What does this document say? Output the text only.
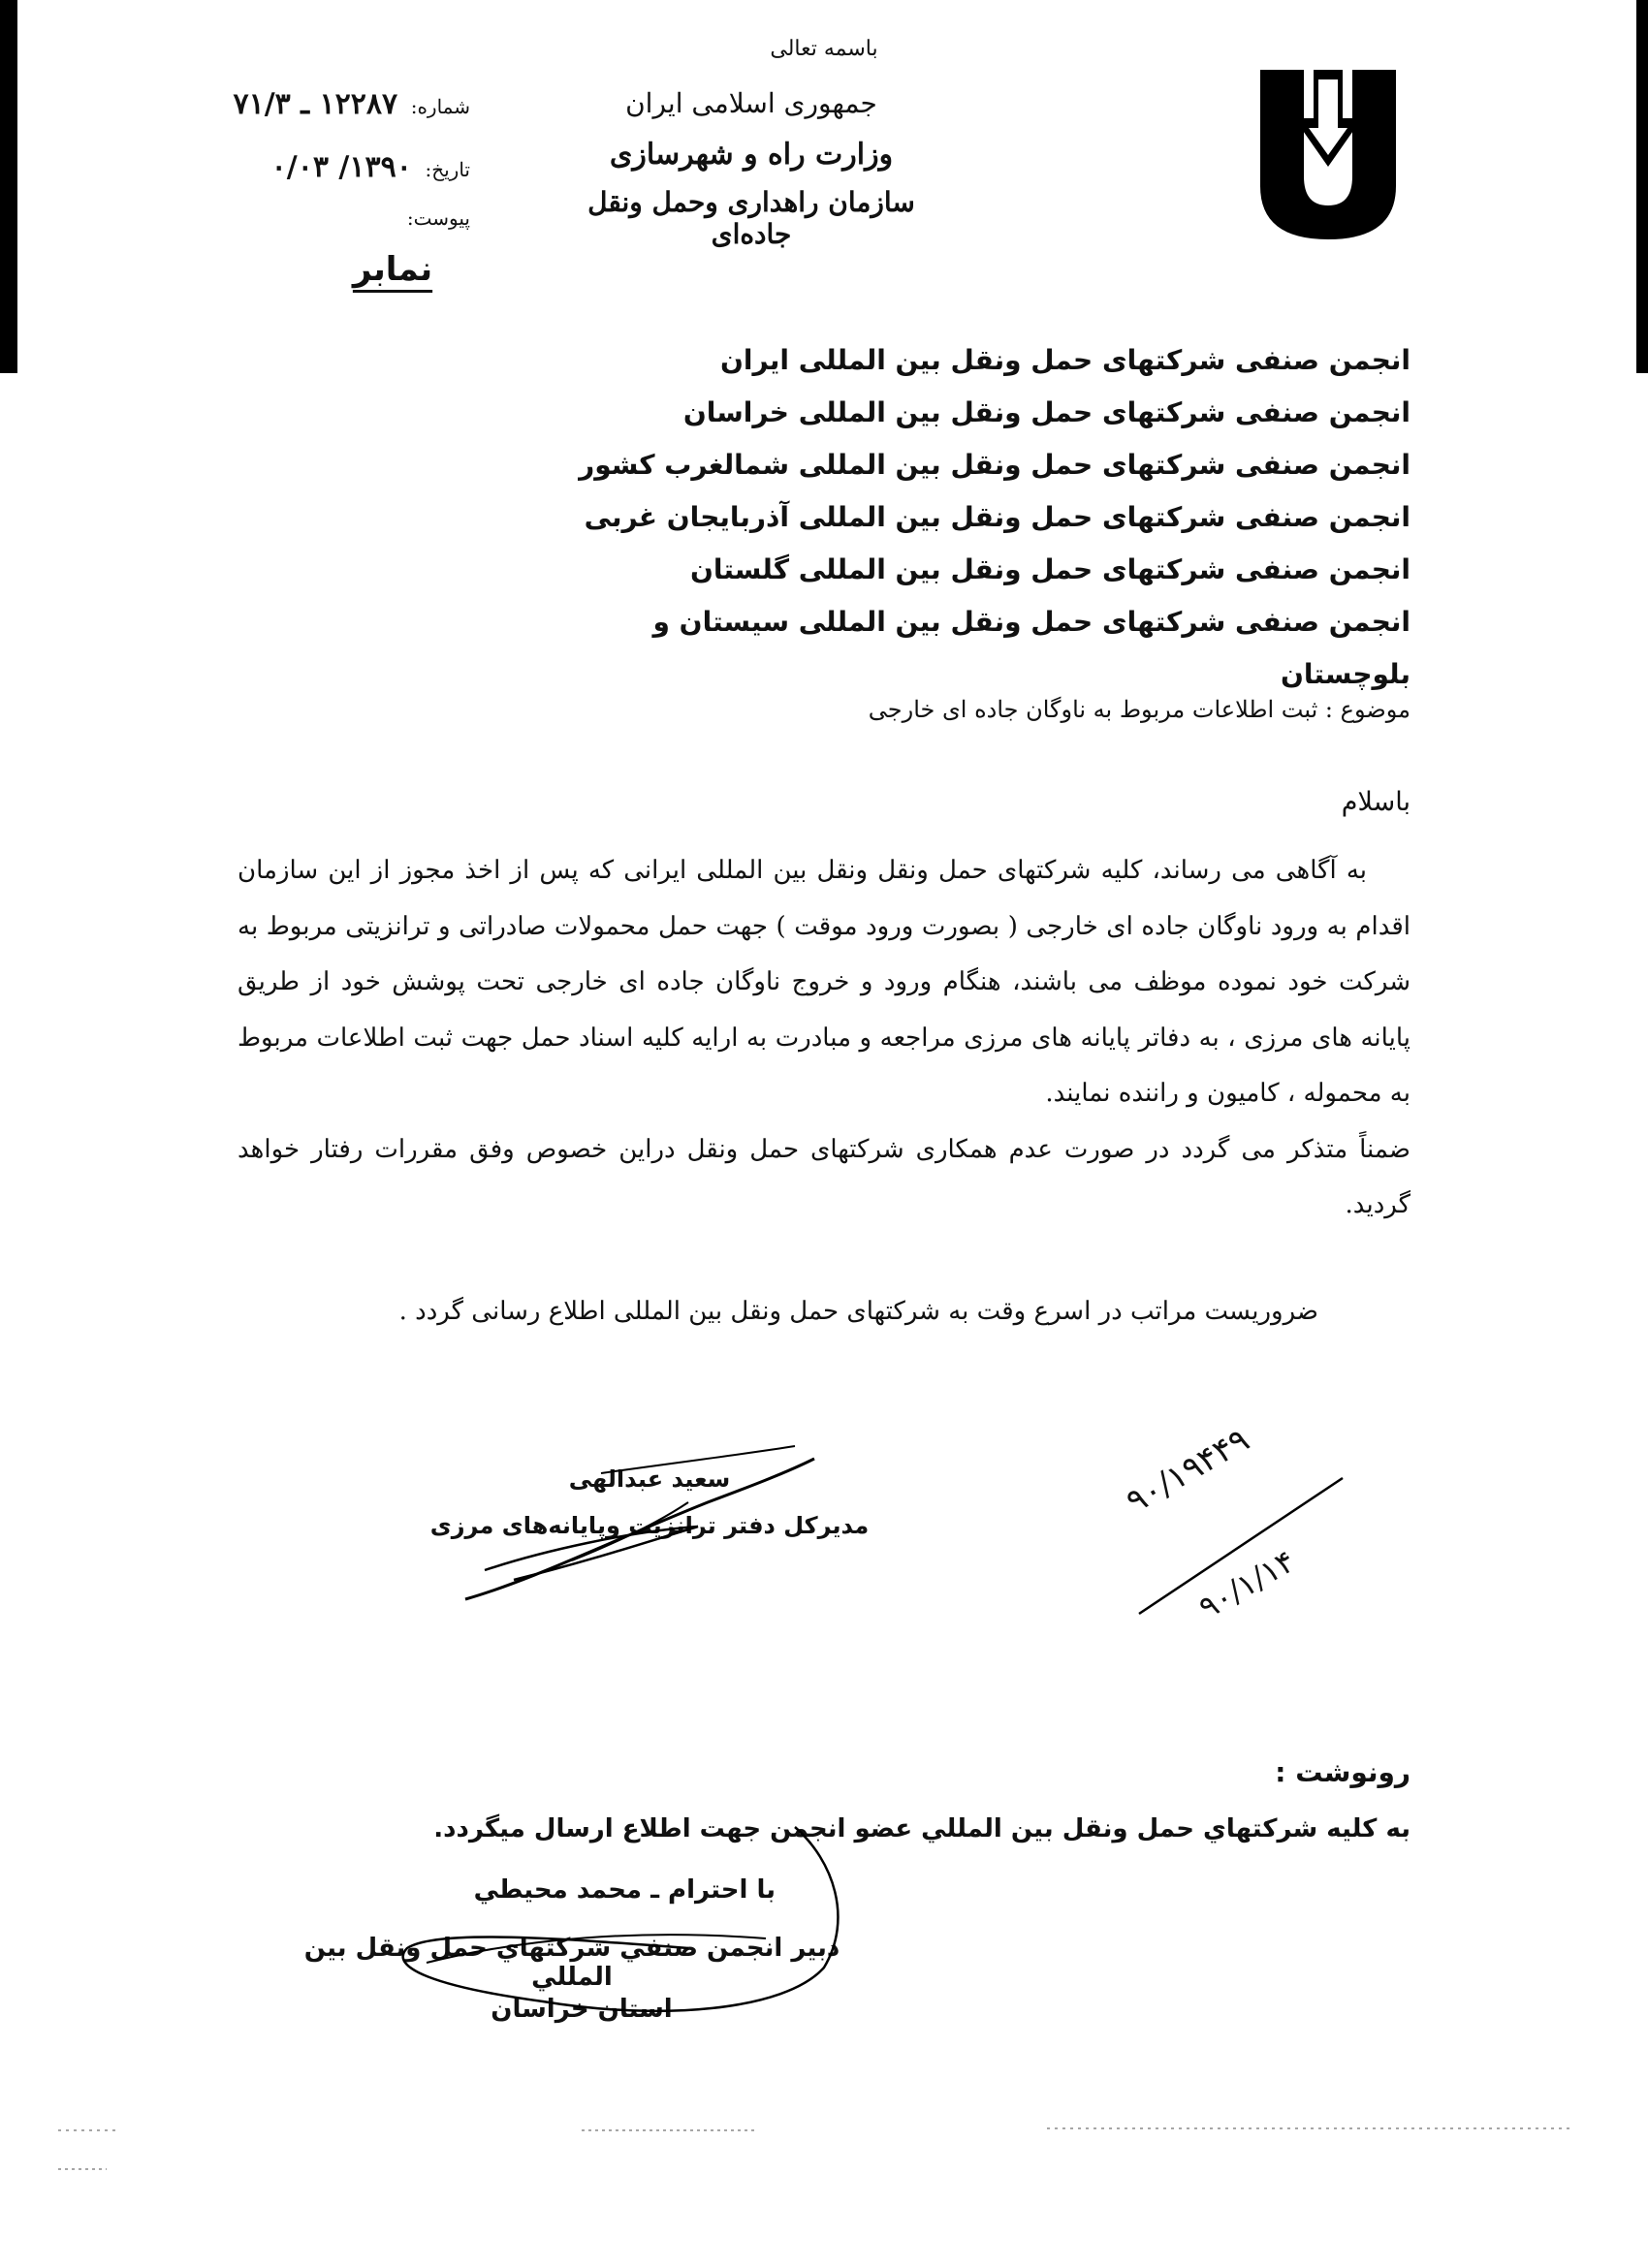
باسمه تعالی
جمهوری اسلامی ایران
وزارت راه و شهرسازی
سازمان راهداری وحمل ونقل جاده‌ای
شماره: ۱۲۲۸۷ ـ ۷۱/۳
تاریخ: ۱۳۹۰/ ۰/۰۳
پیوست:
نمابر
انجمن صنفی شرکتهای حمل ونقل بین المللی ایران
انجمن صنفی شرکتهای حمل ونقل بین المللی خراسان
انجمن صنفی شرکتهای حمل ونقل بین المللی شمالغرب کشور
انجمن صنفی شرکتهای حمل ونقل بین المللی آذربایجان غربی
انجمن صنفی شرکتهای حمل ونقل بین المللی گلستان
انجمن صنفی شرکتهای حمل ونقل بین المللی سیستان و بلوچستان
موضوع : ثبت اطلاعات مربوط به ناوگان جاده ای خارجی
باسلام

به آگاهی می رساند، کلیه شرکتهای حمل ونقل ونقل بین المللی ایرانی که پس از اخذ مجوز از این سازمان اقدام به ورود ناوگان جاده ای خارجی ( بصورت ورود موقت ) جهت حمل محمولات صادراتی و ترانزیتی مربوط به شرکت خود نموده موظف می باشند، هنگام ورود و خروج ناوگان جاده ای خارجی تحت پوشش خود از طریق پایانه های مرزی ، به دفاتر پایانه های مرزی مراجعه و مبادرت به ارایه کلیه اسناد حمل جهت ثبت اطلاعات مربوط به محموله ، کامیون و راننده نمایند.

ضمناً متذکر می گردد در صورت عدم همکاری شرکتهای حمل ونقل دراین خصوص وفق مقررات رفتار خواهد گردید.

ضروریست مراتب در اسرع وقت به شرکتهای حمل ونقل بین المللی اطلاع رسانی گردد .
سعید عبدالهی
مدیرکل دفتر ترانزیت وپایانه‌های مرزی
۹۰/۱۹۴۴۹
۹۰/۱/۱۴
رونوشت :
به كليه شركتهاي حمل ونقل بين المللي عضو انجمن جهت اطلاع ارسال ميگردد.
با احترام ـ محمد محيطي
دبير انجمن صنفي شركتهاي حمل ونقل بين المللي
استان خراسان
